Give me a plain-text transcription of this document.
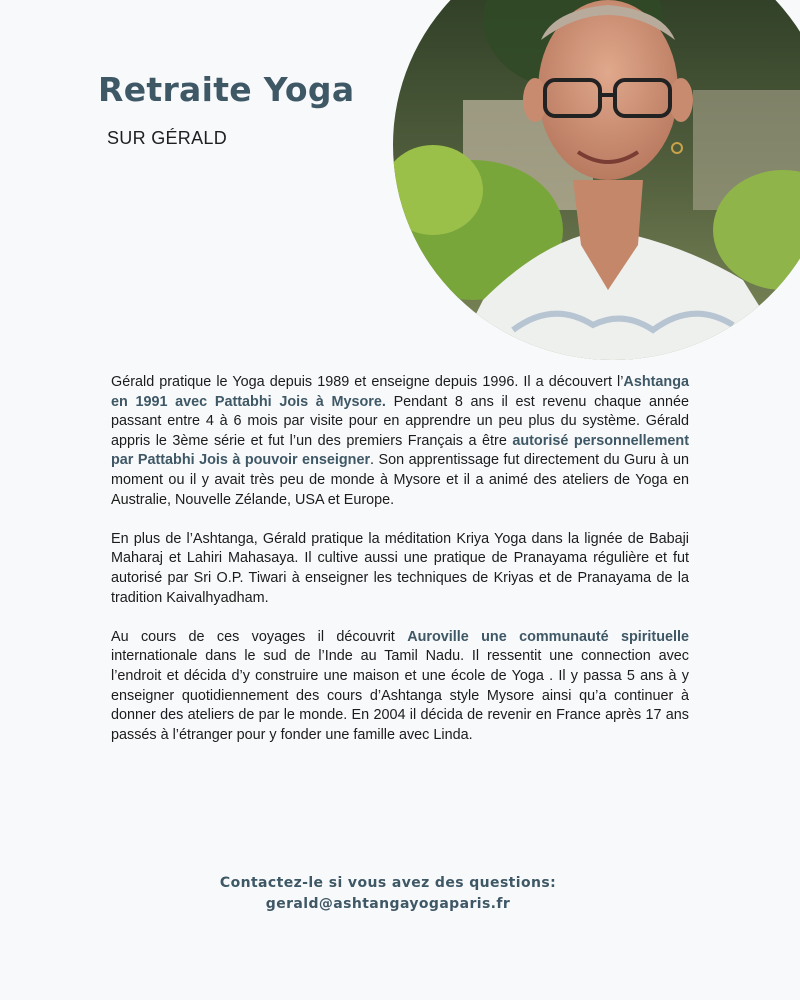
Retraite Yoga
SUR GÉRALD

Gérald pratique le Yoga depuis 1989 et enseigne depuis 1996. Il a découvert l’Ashtanga en 1991 avec Pattabhi Jois à Mysore. Pendant 8 ans il est revenu chaque année passant entre 4 à 6 mois par visite pour en apprendre un peu plus du système. Gérald appris le 3ème série et fut l’un des premiers Français a être autorisé personnellement par Pattabhi Jois à pouvoir enseigner. Son apprentissage fut directement du Guru à un moment ou il y avait très peu de monde à Mysore et il a animé des ateliers de Yoga en Australie, Nouvelle Zélande, USA et Europe.

En plus de l’Ashtanga, Gérald pratique la méditation Kriya Yoga dans la lignée de Babaji Maharaj et Lahiri Mahasaya. Il cultive aussi une pratique de Pranayama régulière et fut autorisé par Sri O.P. Tiwari à enseigner les techniques de Kriyas et de Pranayama de la tradition Kaivalhyadham.

Au cours de ces voyages il découvrit Auroville une communauté spirituelle internationale dans le sud de l’Inde au Tamil Nadu. Il ressentit une connection avec l’endroit et décida d’y construire une maison et une école de Yoga . Il y passa 5 ans à y enseigner quotidiennement des cours d’Ashtanga style Mysore ainsi qu’a continuer à donner des ateliers de par le monde. En 2004 il décida de revenir en France après 17 ans passés à l’étranger pour y fonder une famille avec Linda.

Contactez-le si vous avez des questions:
gerald@ashtangayogaparis.fr
